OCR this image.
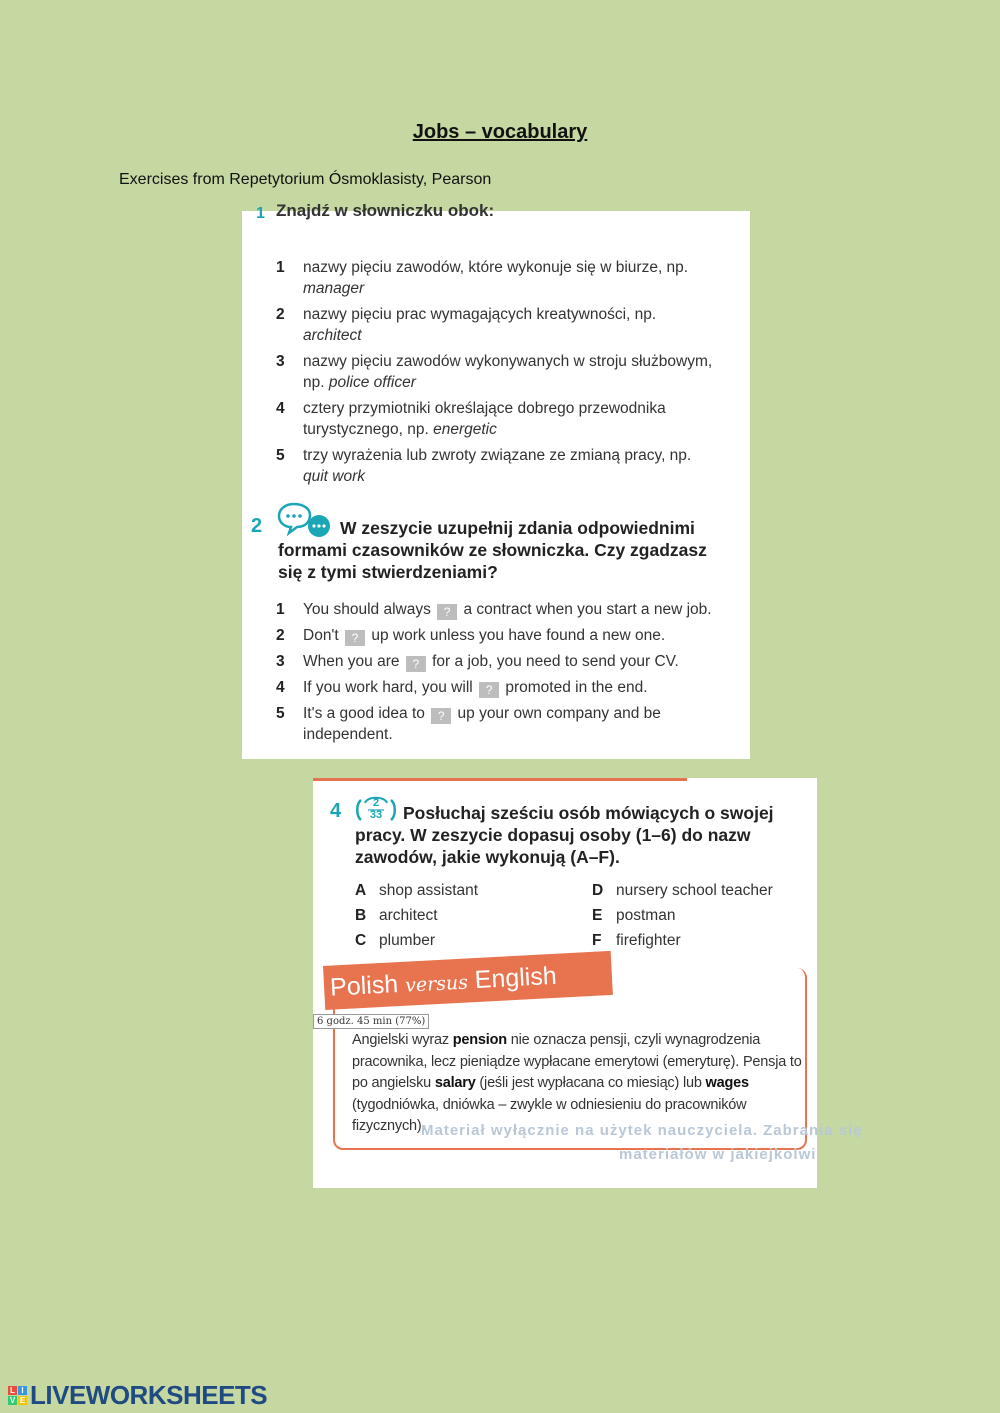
Jobs – vocabulary
Exercises from Repetytorium Ósmoklasisty, Pearson
1 Znajdź w słowniczku obok:
1 nazwy pięciu zawodów, które wykonuje się w biurze, np. manager
2 nazwy pięciu prac wymagających kreatywności, np. architect
3 nazwy pięciu zawodów wykonywanych w stroju służbowym, np. police officer
4 cztery przymiotniki określające dobrego przewodnika turystycznego, np. energetic
5 trzy wyrażenia lub zwroty związane ze zmianą pracy, np. quit work
2	W zeszycie uzupełnij zdania odpowiednimi formami czasowników ze słowniczka. Czy zgadzasz się z tymi stwierdzeniami?
1 You should always ? a contract when you start a new job.
2 Don't ? up work unless you have found a new one.
3 When you are ? for a job, you need to send your CV.
4 If you work hard, you will ? promoted in the end.
5 It's a good idea to ? up your own company and be independent.
4	2
33	Posłuchaj sześciu osób mówiących o swojej pracy. W zeszycie dopasuj osoby (1–6) do nazw zawodów, jakie wykonują (A–F).
A shop assistant
B architect
C plumber
D nursery school teacher
E postman
F firefighter
Polish versus English
6 godz. 45 min (77%)
Angielski wyraz pension nie oznacza pensji, czyli wynagrodzenia pracownika, lecz pieniądze wypłacane emerytowi (emeryturę). Pensja to po angielsku salary (jeśli jest wypłacana co miesiąc) lub wages (tygodniówka, dniówka – zwykle w odniesieniu do pracowników fizycznych).
Materiał wyłącznie na użytek nauczyciela. Zabrania się
materiałów w jakiejkolwi
L I
V E LIVEWORKSHEETS
